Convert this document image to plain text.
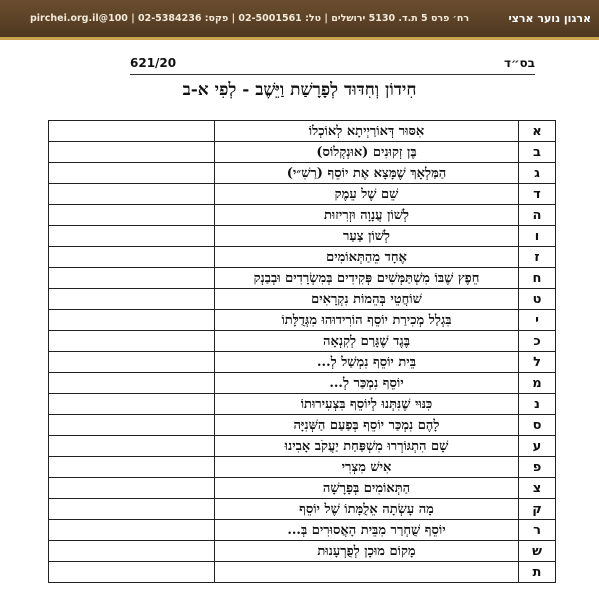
רח׳ פרס 5 ת.ד. 5130 ירושלים | טל: 02-5001561 | פקס: 02-5384236 | 100@pirchei.org.il	ארגון נוער ארצי
621/20	בס״ד
חִידוֹן וְחִדּוּד לְפָרָשַׁת וַיֵּשֶׁב - לְפִי א-ב
א	אִסּוּר דְּאוֹרַיְיתָא לְאוֹכְלוֹ	
ב	בֶּן זְקוּנִים (אוּנְקְלוֹס)	
ג	הַמַּלְאָךְ שֶׁמָּצָא אֶת יוֹסֵף (רַשִׁ״י)	
ד	שֵׁם שֶׁל עֵמֶק	
ה	לְשׁוֹן עֲנָוָה וּזְרִיזוּת	
ו	לְשׁוֹן צַעַר	
ז	אֶחָד מֵהַתְּאוֹמִים	
ח	חֵפֶץ שֶׁבּוֹ מִשְׁתַּמְּשִׁים פְּקִידִים בְּמִשְׂרָדִים וּבְבַנְק	
ט	שׁוֹחֲטֵי בְּהֵמוֹת נִקְרָאִים	
י	בִּגְלַל מְכִירַת יוֹסֵף הוֹרִידוּהוּ מִגְּדֻלָּתוֹ	
כ	בֶּגֶד שֶׁגָּרַם לְקִנְאָה	
ל	בֵּית יוֹסֵף נִמְשַׁל לְ...	
מ	יוֹסֵף נִמְכַּר לְ...	
נ	כִּנּוּי שֶׁנִּתְּנוּ לְיוֹסֵף בִּצְעִירוּתוֹ	
ס	לָהֶם נִמְכַּר יוֹסֵף בְּפַעַם הַשְּׁנִיָּה	
ע	שָׁם הִתְגּוֹרְרוּ מִשְׁפַּחַת יַעֲקֹב אָבִינוּ	
פ	אִישׁ מִצְרִי	
צ	הַתְּאוֹמִים בְּפָרָשָׁה	
ק	מָה עָשְׂתָה אֵלֻמָּתוֹ שֶׁל יוֹסֵף	
ר	יוֹסֵף שֻׁחְרַר מִבֵּית הָאֲסוּרִים בְּ...	
ש	מָקוֹם מוּכָן לְפֻרְעָנוּת	
ת		
